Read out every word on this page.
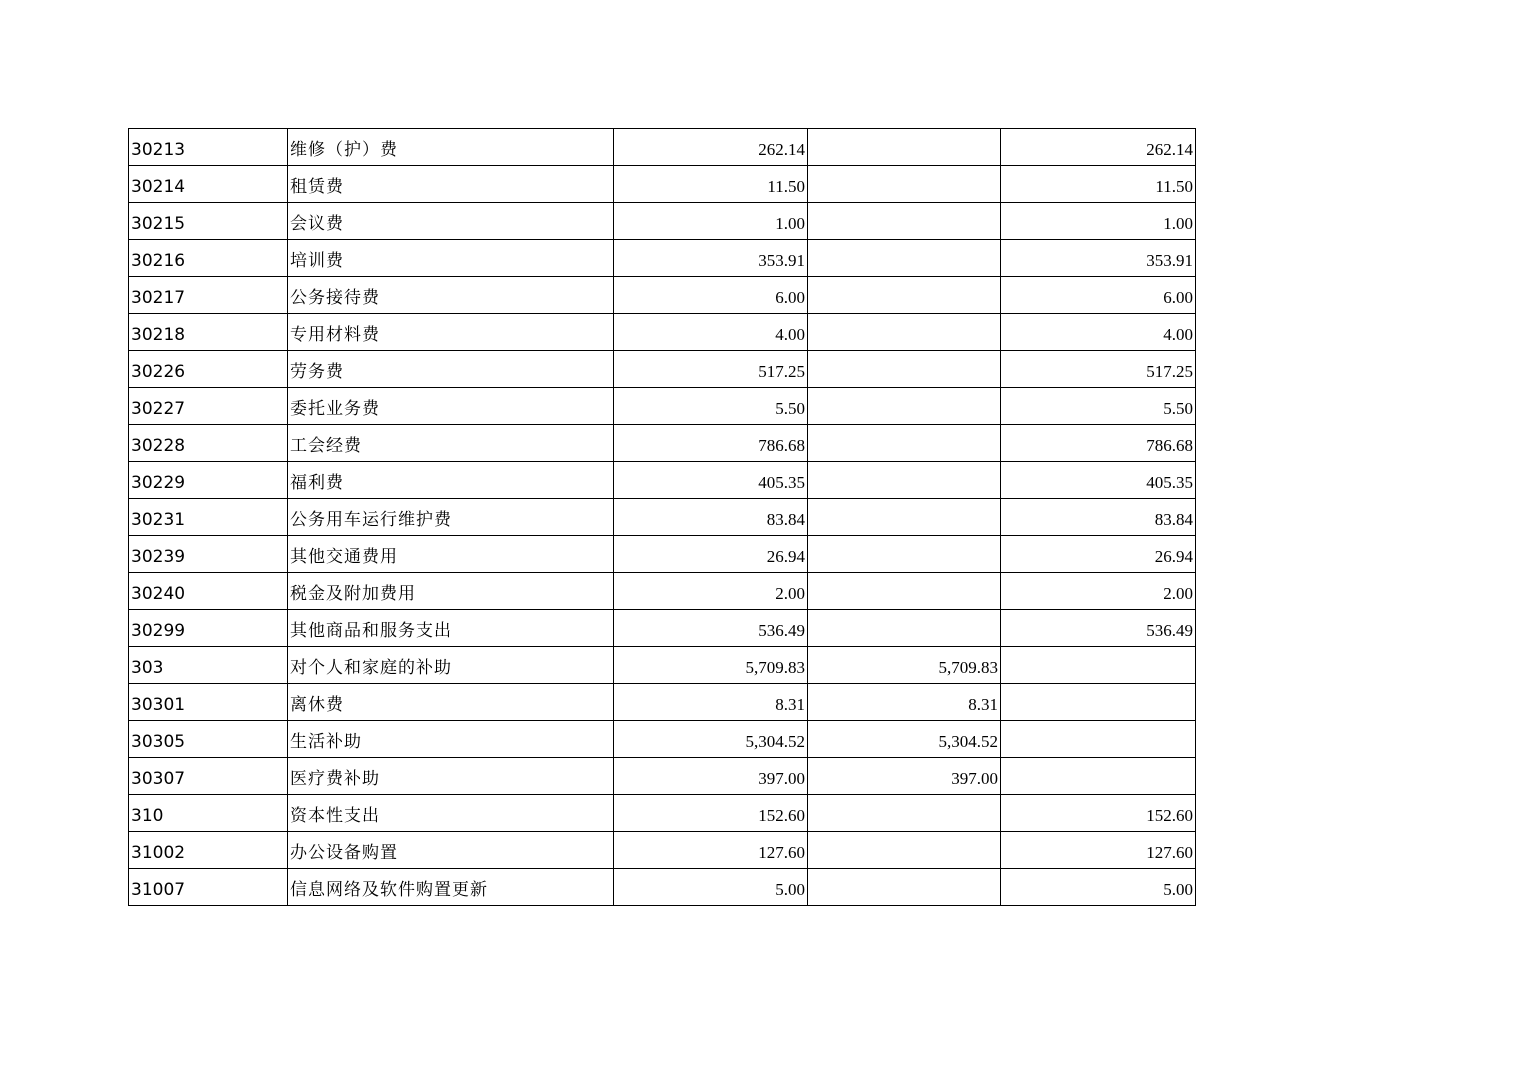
30213	维修（护）费	262.14		262.14
30214	租赁费	11.50		11.50
30215	会议费	1.00		1.00
30216	培训费	353.91		353.91
30217	公务接待费	6.00		6.00
30218	专用材料费	4.00		4.00
30226	劳务费	517.25		517.25
30227	委托业务费	5.50		5.50
30228	工会经费	786.68		786.68
30229	福利费	405.35		405.35
30231	公务用车运行维护费	83.84		83.84
30239	其他交通费用	26.94		26.94
30240	税金及附加费用	2.00		2.00
30299	其他商品和服务支出	536.49		536.49
303	对个人和家庭的补助	5,709.83	5,709.83	
30301	离休费	8.31	8.31	
30305	生活补助	5,304.52	5,304.52	
30307	医疗费补助	397.00	397.00	
310	资本性支出	152.60		152.60
31002	办公设备购置	127.60		127.60
31007	信息网络及软件购置更新	5.00		5.00
